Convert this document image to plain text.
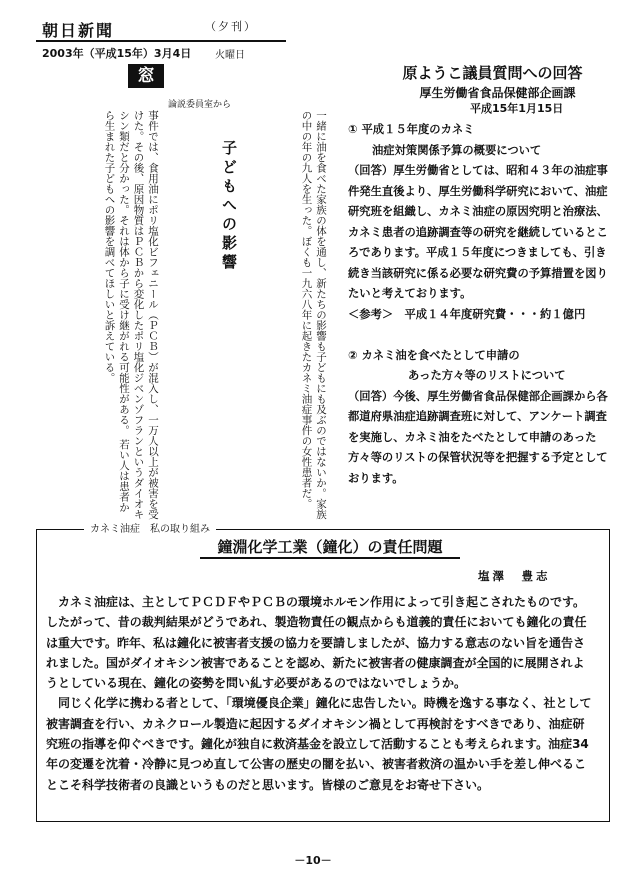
朝日新聞	（夕刊）
2003年（平成15年）3月4日 火曜日
窓
論説委員室から
一緒に油を食べた家族の体を通し、新たちの影響も子どもにも及ぶのではないか。家族の中の年の九人を生った。ぼくも一九六八年に起きたカネミ油症事件の女性患者だ。
子どもへの影響
事件では、食用油にポリ塩化ビフェニール（ＰＣＢ）が混入し、一万人以上が被害を受けた。その後、原因物質はＰＣＢから変化したポリ塩化ジベンゾフランというダイオキシン類だと分かった。それは体から子に受け継がれる可能性がある。 若い人は患者から生まれた子どもへの影響を調べてほしいと訴えている。
原ようこ議員質問への回答
厚生労働省食品保健部企画課
平成15年1月15日

① 平成１５年度のカネミ

油症対策関係予算の概要について

（回答）厚生労働省としては、昭和４３年の油症事件発生直後より、厚生労働科学研究において、油症研究班を組織し、カネミ油症の原因究明と治療法、カネミ患者の追跡調査等の研究を継続しているところであります。平成１５年度につきましても、引き続き当該研究に係る必要な研究費の予算措置を図りたいと考えております。

＜参考＞　平成１４年度研究費・・・約１億円

② カネミ油を食べたとして申請の

あった方々等のリストについて

（回答）今後、厚生労働省食品保健部企画課から各都道府県油症追跡調査班に対して、アンケート調査を実施し、カネミ油をたべたとして申請のあった方々等のリストの保管状況等を把握する予定としております。

カネミ油症　私の取り組み
鐘淵化学工業（鐘化）の責任問題
塩澤　豊志

カネミ油症は、主としてＰＣＤＦやＰＣＢの環境ホルモン作用によって引き起こされたものです。したがって、昔の裁判結果がどうであれ、製造物責任の観点からも道義的責任においても鐘化の責任は重大です。昨年、私は鐘化に被害者支援の協力を要請しましたが、協力する意志のない旨を通告されました。国がダイオキシン被害であることを認め、新たに被害者の健康調査が全国的に展開されようとしている現在、鐘化の姿勢を問い糺す必要があるのではないでしょうか。

同じく化学に携わる者として、「環境優良企業」鐘化に忠告したい。時機を逸する事なく、社として被害調査を行い、カネクロール製造に起因するダイオキシン禍として再検討をすべきであり、油症研究班の指導を仰ぐべきです。鐘化が独自に救済基金を設立して活動することも考えられます。油症34年の変遷を沈着・冷静に見つめ直して公害の歴史の闇を払い、被害者救済の温かい手を差し伸べることこそ科学技術者の良識というものだと思います。皆様のご意見をお寄せ下さい。

－10－
